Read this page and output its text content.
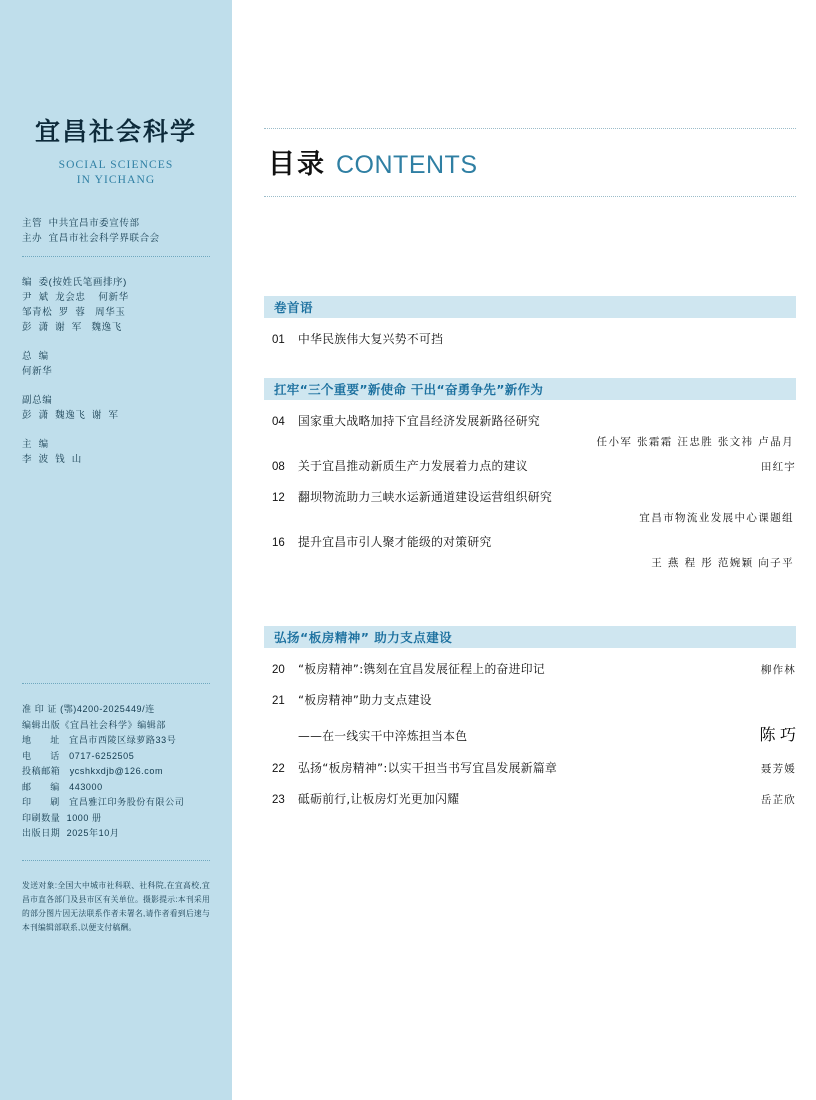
宜昌社会科学
SOCIAL SCIENCES
IN YICHANG
主管  中共宜昌市委宣传部
主办  宜昌市社会科学界联合会
编  委(按姓氏笔画排序)
尹  斌  龙会忠    何新华
邹青松  罗  蓉   周华玉
彭  潇  谢  军   魏逸飞
总  编
何新华
副总编
彭  潇  魏逸飞  谢  军
主  编
李  波  钱  山
准 印 证 (鄂)4200-2025449/连
编辑出版《宜昌社会科学》编辑部
地      址   宜昌市西陵区绿萝路33号
电      话   0717-6252505
投稿邮箱   ycshkxdjb@126.com
邮      编   443000
印      刷   宜昌雅江印务股份有限公司
印刷数量  1000 册
出版日期  2025年10月
发送对象:全国大中城市社科联、社科院,在宜高校,宜昌市直各部门及县市区有关单位。摄影提示:本刊采用的部分图片因无法联系作者未署名,请作者看到后速与本刊编辑部联系,以便支付稿酬。
目录 CONTENTS
卷首语
01	中华民族伟大复兴势不可挡
扛牢“三个重要”新使命 干出“奋勇争先”新作为
04	国家重大战略加持下宜昌经济发展新路径研究
任小军 张霜霜 汪忠胜 张文祎 卢晶月
08	关于宜昌推动新质生产力发展着力点的建议	田红宇
12	翻坝物流助力三峡水运新通道建设运营组织研究
宜昌市物流业发展中心课题组
16	提升宜昌市引人聚才能级的对策研究
王 燕 程 彤 范婉颖 向子平
弘扬“板房精神” 助力支点建设
20	“板房精神”:镌刻在宜昌发展征程上的奋进印记	柳作林
21	“板房精神”助力支点建设
——在一线实干中淬炼担当本色	陈 巧
22	弘扬“板房精神”:以实干担当书写宜昌发展新篇章	聂芳媛
23	砥砺前行,让板房灯光更加闪耀	岳芷欣
